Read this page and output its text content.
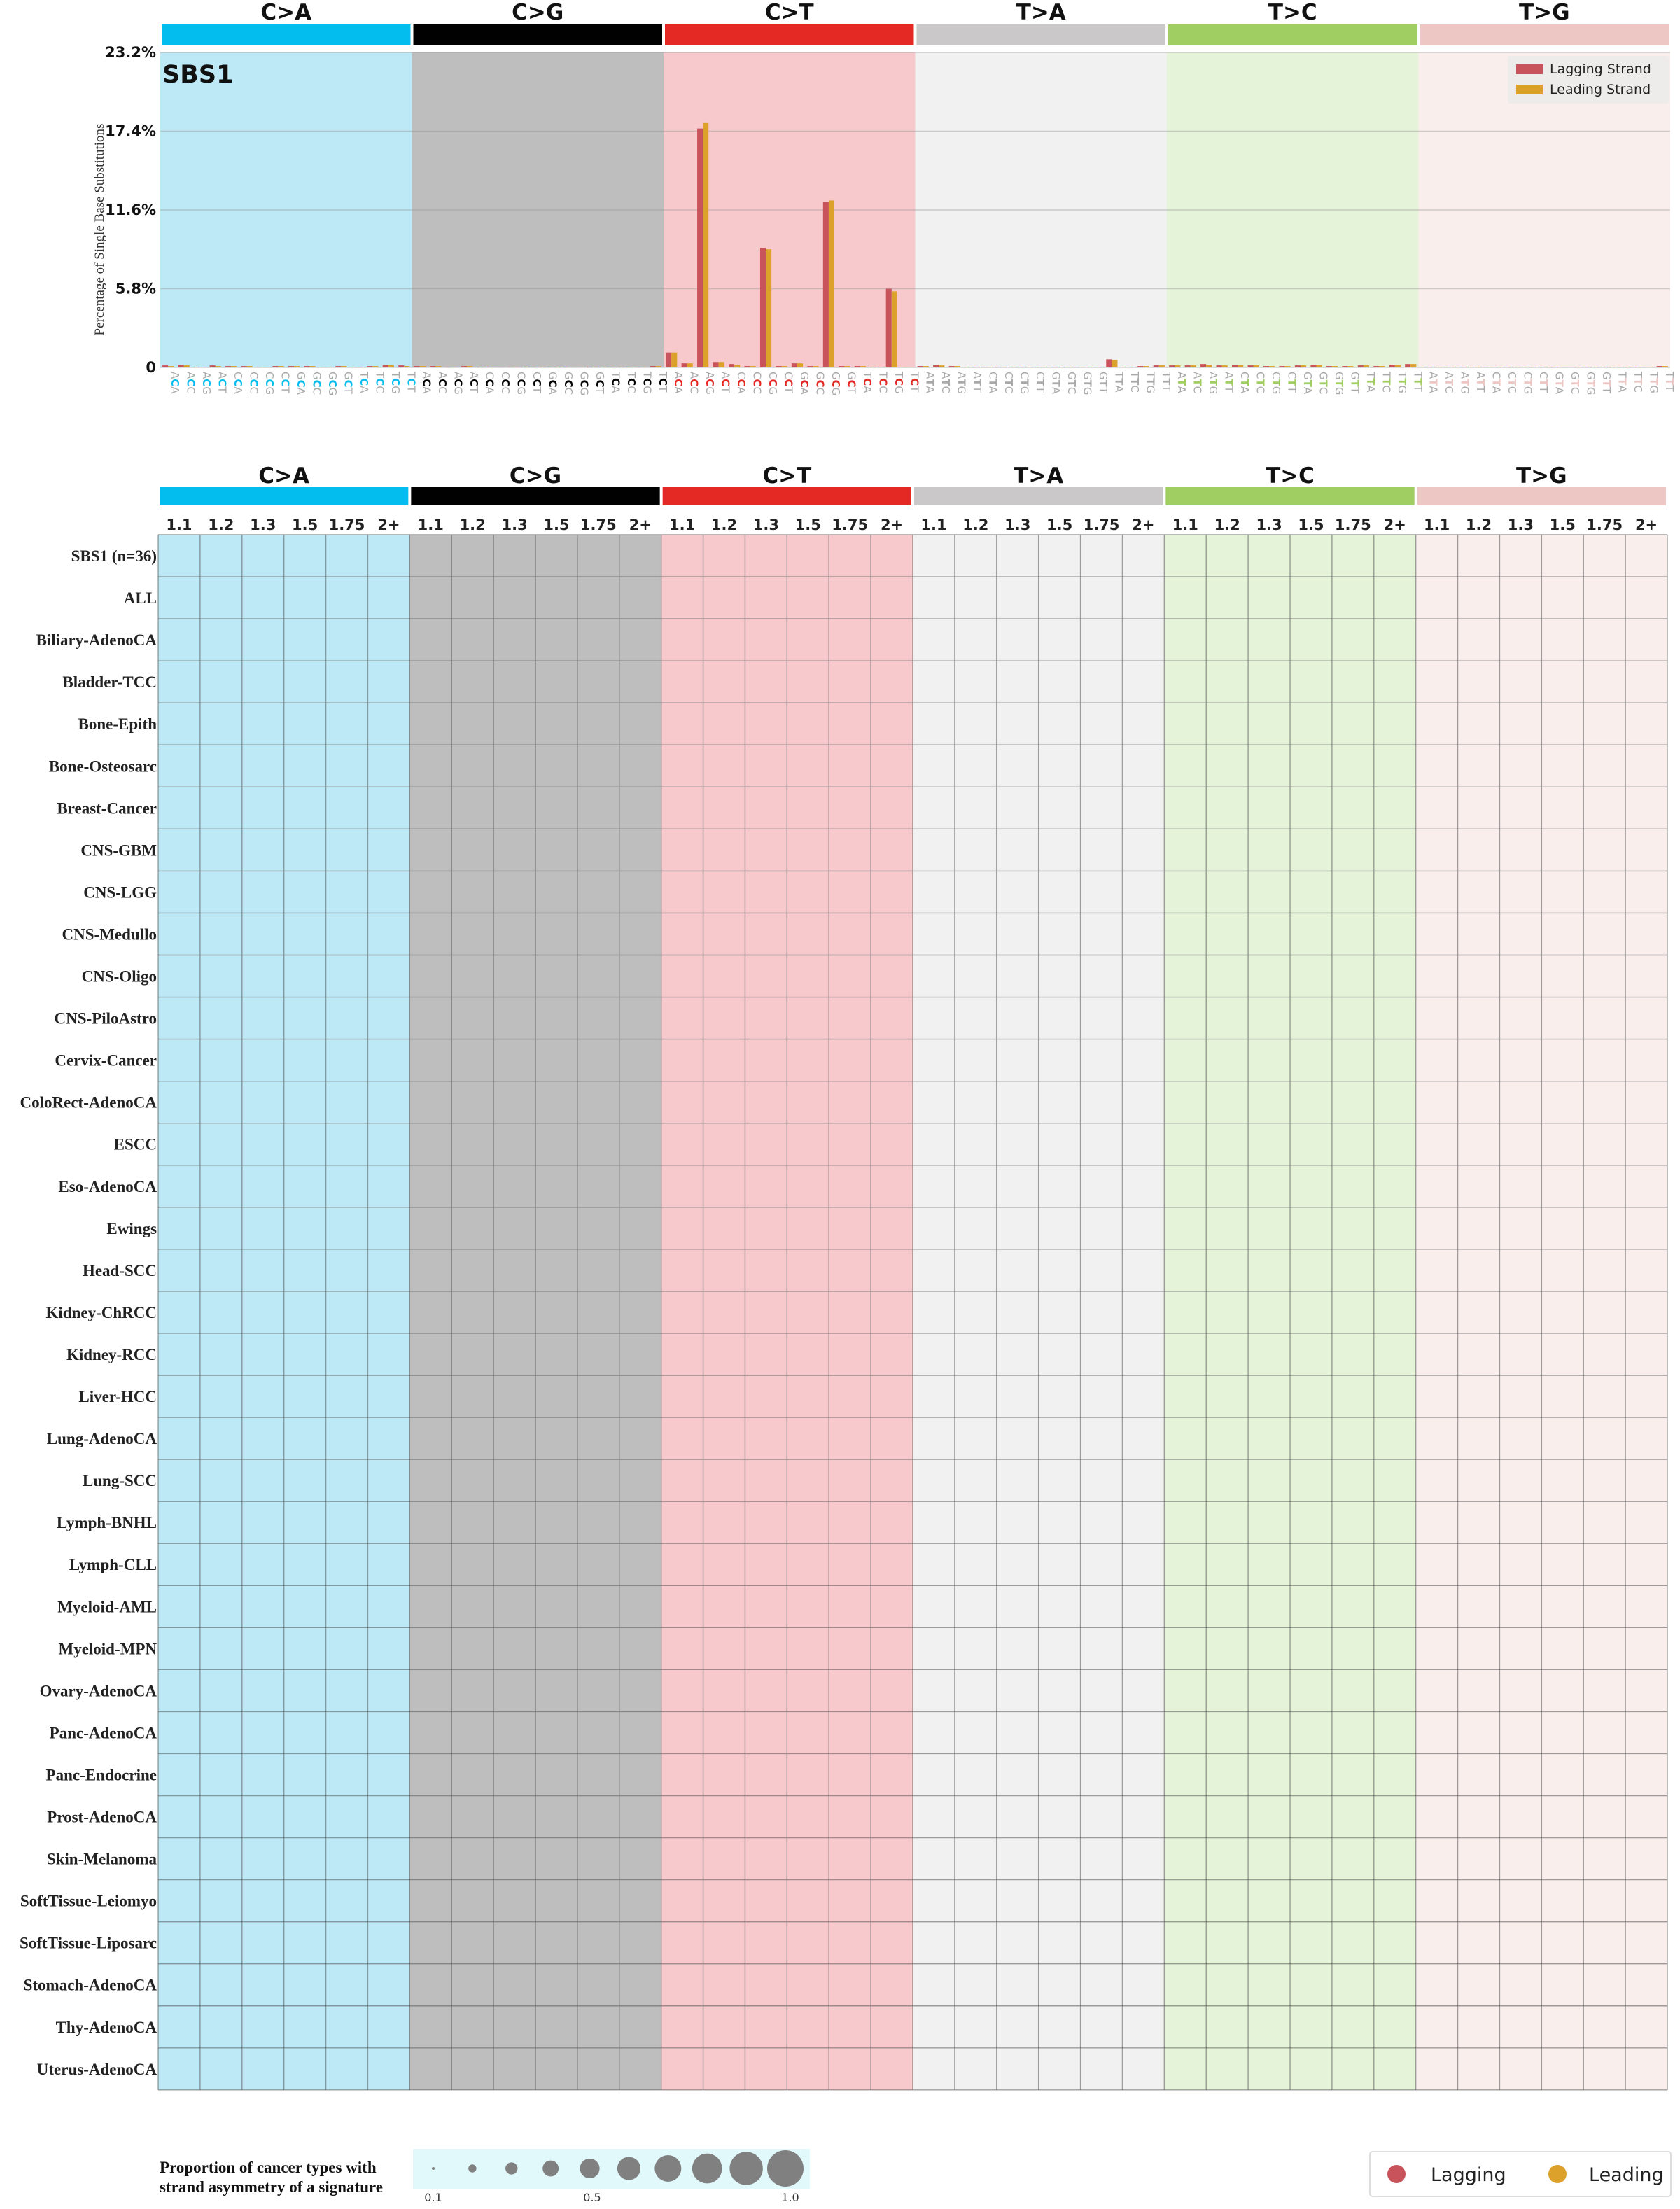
C>A	C>G	C>T	T>A	T>C	T>G
0
5.8%
11.6%
17.4%
23.2%
ACA
ACC
ACG
ACT
CCA
CCC
CCG
CCT
GCA
GCC
GCG
GCT
TCA
TCC
TCG
TCT
ACA
ACC
ACG
ACT
CCA
CCC
CCG
CCT
GCA
GCC
GCG
GCT
TCA
TCC
TCG
TCT
ACA
ACC
ACG
ACT
CCA
CCC
CCG
CCT
GCA
GCC
GCG
GCT
TCA
TCC
TCG
TCT
ATA
ATC
ATG
ATT
CTA
CTC
CTG
CTT
GTA
GTC
GTG
GTT
TTA
TTC
TTG
TTT
ATA
ATC
ATG
ATT
CTA
CTC
CTG
CTT
GTA
GTC
GTG
GTT
TTA
TTC
TTG
TTT
ATA
ATC
ATG
ATT
CTA
CTC
CTG
CTT
GTA
GTC
GTG
GTT
TTA
TTC
TTG
TTT
SBS1
Percentage of Single Base Substitutions
Lagging Strand
Leading Strand
C>A	C>G	C>T	T>A	T>C	T>G
1.1 1.2 1.3 1.5 1.75 2+ 1.1 1.2 1.3 1.5 1.75 2+ 1.1 1.2 1.3 1.5 1.75 2+ 1.1 1.2 1.3 1.5 1.75 2+ 1.1 1.2 1.3 1.5 1.75 2+ 1.1 1.2 1.3 1.5 1.75 2+
SBS1 (n=36)
ALL
Biliary-AdenoCA
Bladder-TCC
Bone-Epith
Bone-Osteosarc
Breast-Cancer
CNS-GBM
CNS-LGG
CNS-Medullo
CNS-Oligo
CNS-PiloAstro
Cervix-Cancer
ColoRect-AdenoCA
ESCC
Eso-AdenoCA
Ewings
Head-SCC
Kidney-ChRCC
Kidney-RCC
Liver-HCC
Lung-AdenoCA
Lung-SCC
Lymph-BNHL
Lymph-CLL
Myeloid-AML
Myeloid-MPN
Ovary-AdenoCA
Panc-AdenoCA
Panc-Endocrine
Prost-AdenoCA
Skin-Melanoma
SoftTissue-Leiomyo
SoftTissue-Liposarc
Stomach-AdenoCA
Thy-AdenoCA
Uterus-AdenoCA
Proportion of cancer types with
strand asymmetry of a signature
0.1	0.5	1.0
Lagging	Leading
